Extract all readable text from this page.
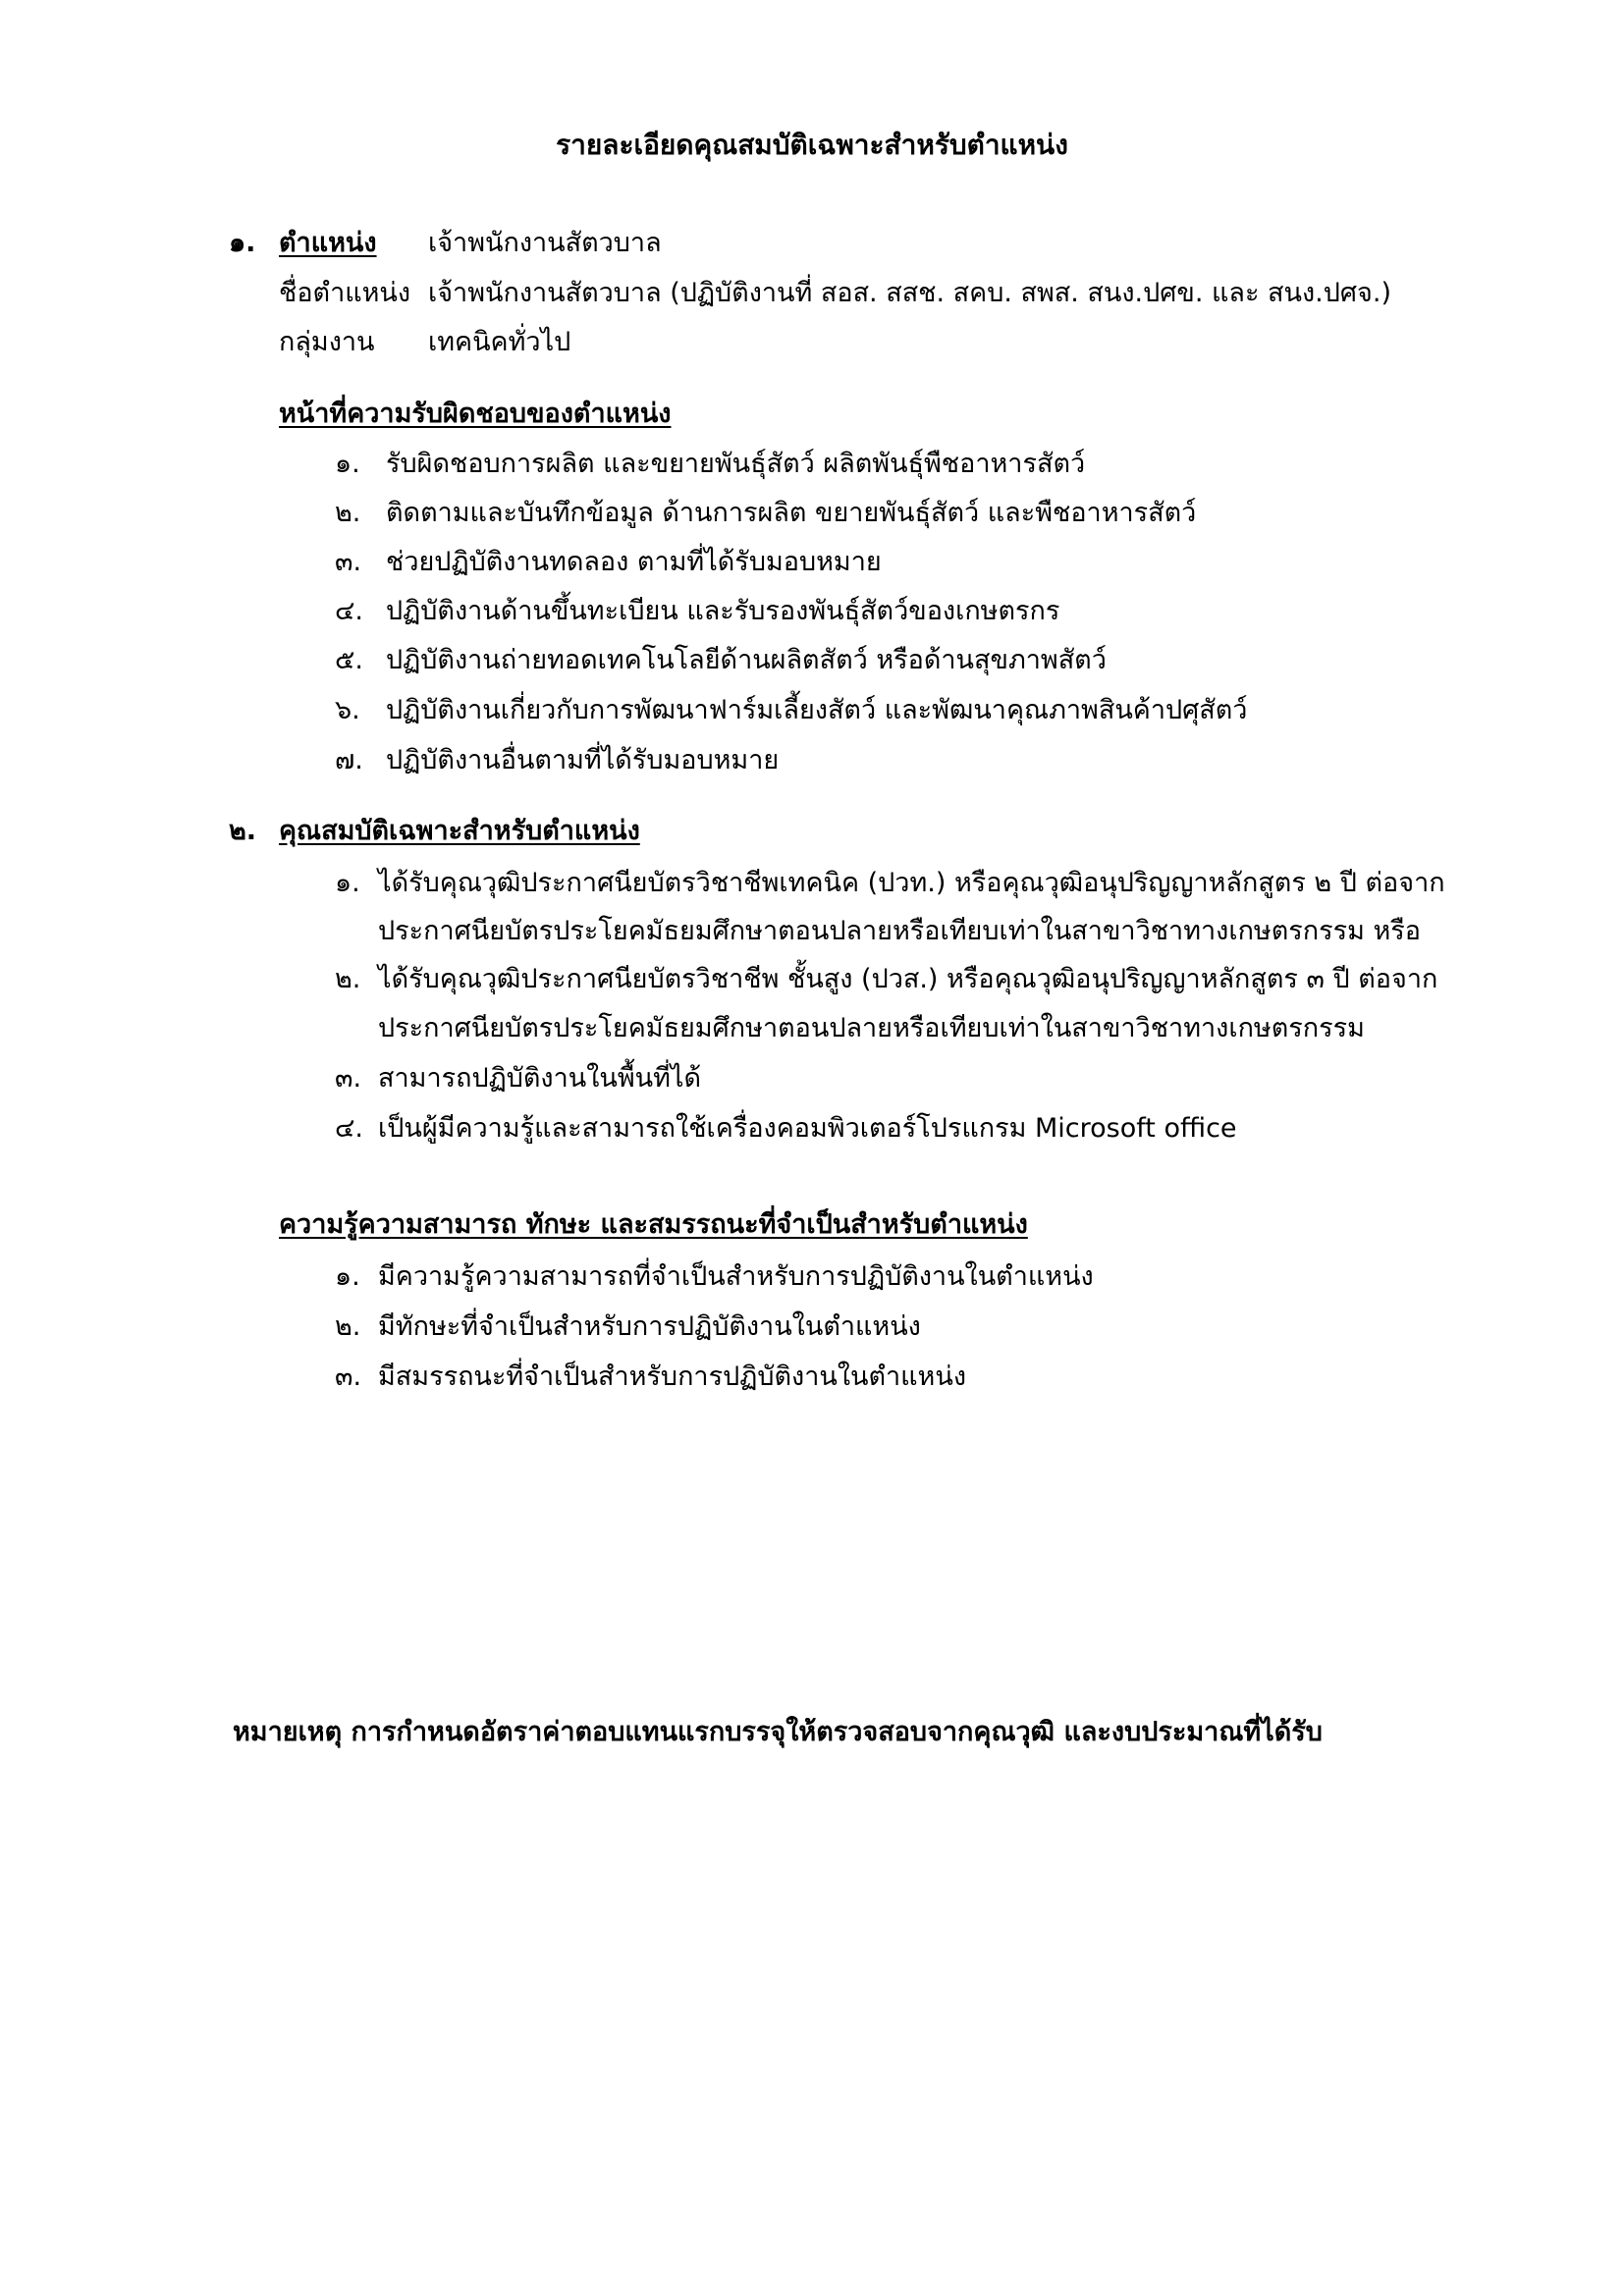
รายละเอียดคุณสมบัติเฉพาะสำหรับตำแหน่ง
๑. ตำแหน่ง เจ้าพนักงานสัตวบาล
ชื่อตำแหน่ง เจ้าพนักงานสัตวบาล (ปฏิบัติงานที่ สอส. สสช. สคบ. สพส. สนง.ปศข. และ สนง.ปศจ.)
กลุ่มงาน เทคนิคทั่วไป
หน้าที่ความรับผิดชอบของตำแหน่ง
๑. รับผิดชอบการผลิต และขยายพันธุ์สัตว์ ผลิตพันธุ์พืชอาหารสัตว์
๒. ติดตามและบันทึกข้อมูล ด้านการผลิต ขยายพันธุ์สัตว์ และพืชอาหารสัตว์
๓. ช่วยปฏิบัติงานทดลอง ตามที่ได้รับมอบหมาย
๔. ปฏิบัติงานด้านขึ้นทะเบียน และรับรองพันธุ์สัตว์ของเกษตรกร
๕. ปฏิบัติงานถ่ายทอดเทคโนโลยีด้านผลิตสัตว์ หรือด้านสุขภาพสัตว์
๖. ปฏิบัติงานเกี่ยวกับการพัฒนาฟาร์มเลี้ยงสัตว์ และพัฒนาคุณภาพสินค้าปศุสัตว์
๗. ปฏิบัติงานอื่นตามที่ได้รับมอบหมาย
๒. คุณสมบัติเฉพาะสำหรับตำแหน่ง
๑. ได้รับคุณวุฒิประกาศนียบัตรวิชาชีพเทคนิค (ปวท.) หรือคุณวุฒิอนุปริญญาหลักสูตร ๒ ปี ต่อจาก
ประกาศนียบัตรประโยคมัธยมศึกษาตอนปลายหรือเทียบเท่าในสาขาวิชาทางเกษตรกรรม หรือ
๒. ได้รับคุณวุฒิประกาศนียบัตรวิชาชีพ ชั้นสูง (ปวส.) หรือคุณวุฒิอนุปริญญาหลักสูตร ๓ ปี ต่อจาก
ประกาศนียบัตรประโยคมัธยมศึกษาตอนปลายหรือเทียบเท่าในสาขาวิชาทางเกษตรกรรม
๓. สามารถปฏิบัติงานในพื้นที่ได้
๔. เป็นผู้มีความรู้และสามารถใช้เครื่องคอมพิวเตอร์โปรแกรม Microsoft office
ความรู้ความสามารถ ทักษะ และสมรรถนะที่จำเป็นสำหรับตำแหน่ง
๑. มีความรู้ความสามารถที่จำเป็นสำหรับการปฏิบัติงานในตำแหน่ง
๒. มีทักษะที่จำเป็นสำหรับการปฏิบัติงานในตำแหน่ง
๓. มีสมรรถนะที่จำเป็นสำหรับการปฏิบัติงานในตำแหน่ง
หมายเหตุ การกำหนดอัตราค่าตอบแทนแรกบรรจุให้ตรวจสอบจากคุณวุฒิ และงบประมาณที่ได้รับ
